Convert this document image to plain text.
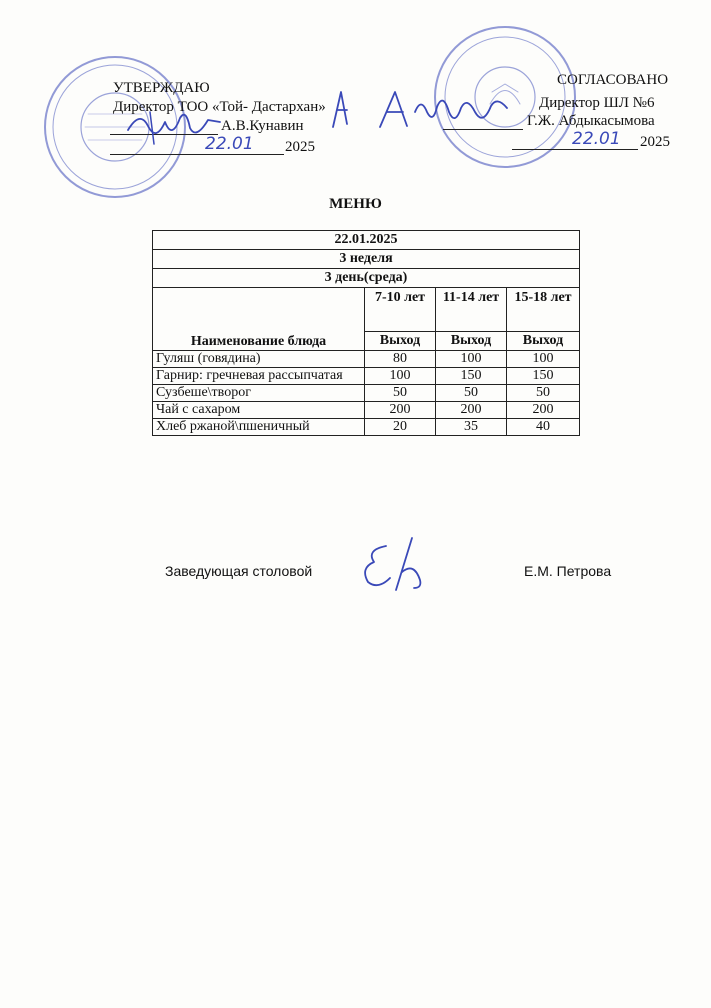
УТВЕРЖДАЮ
Директор ТОО «Той- Дастархан»
А.В.Кунавин
22.01 2025
СОГЛАСОВАНО
Директор ШЛ №6
Г.Ж. Абдыкасымова
22.01 2025
МЕНЮ
22.01.2025			
3 неделя			
3 день(среда)			
Наименование блюда	7-10 лет	11-14 лет	15-18 лет
	Выход	Выход	Выход
Гуляш (говядина)	80	100	100
Гарнир: гречневая рассыпчатая	100	150	150
Сузбеше\творог	50	50	50
Чай с сахаром	200	200	200
Хлеб ржаной\пшеничный	20	35	40
Заведующая столовой	Е.М. Петрова
